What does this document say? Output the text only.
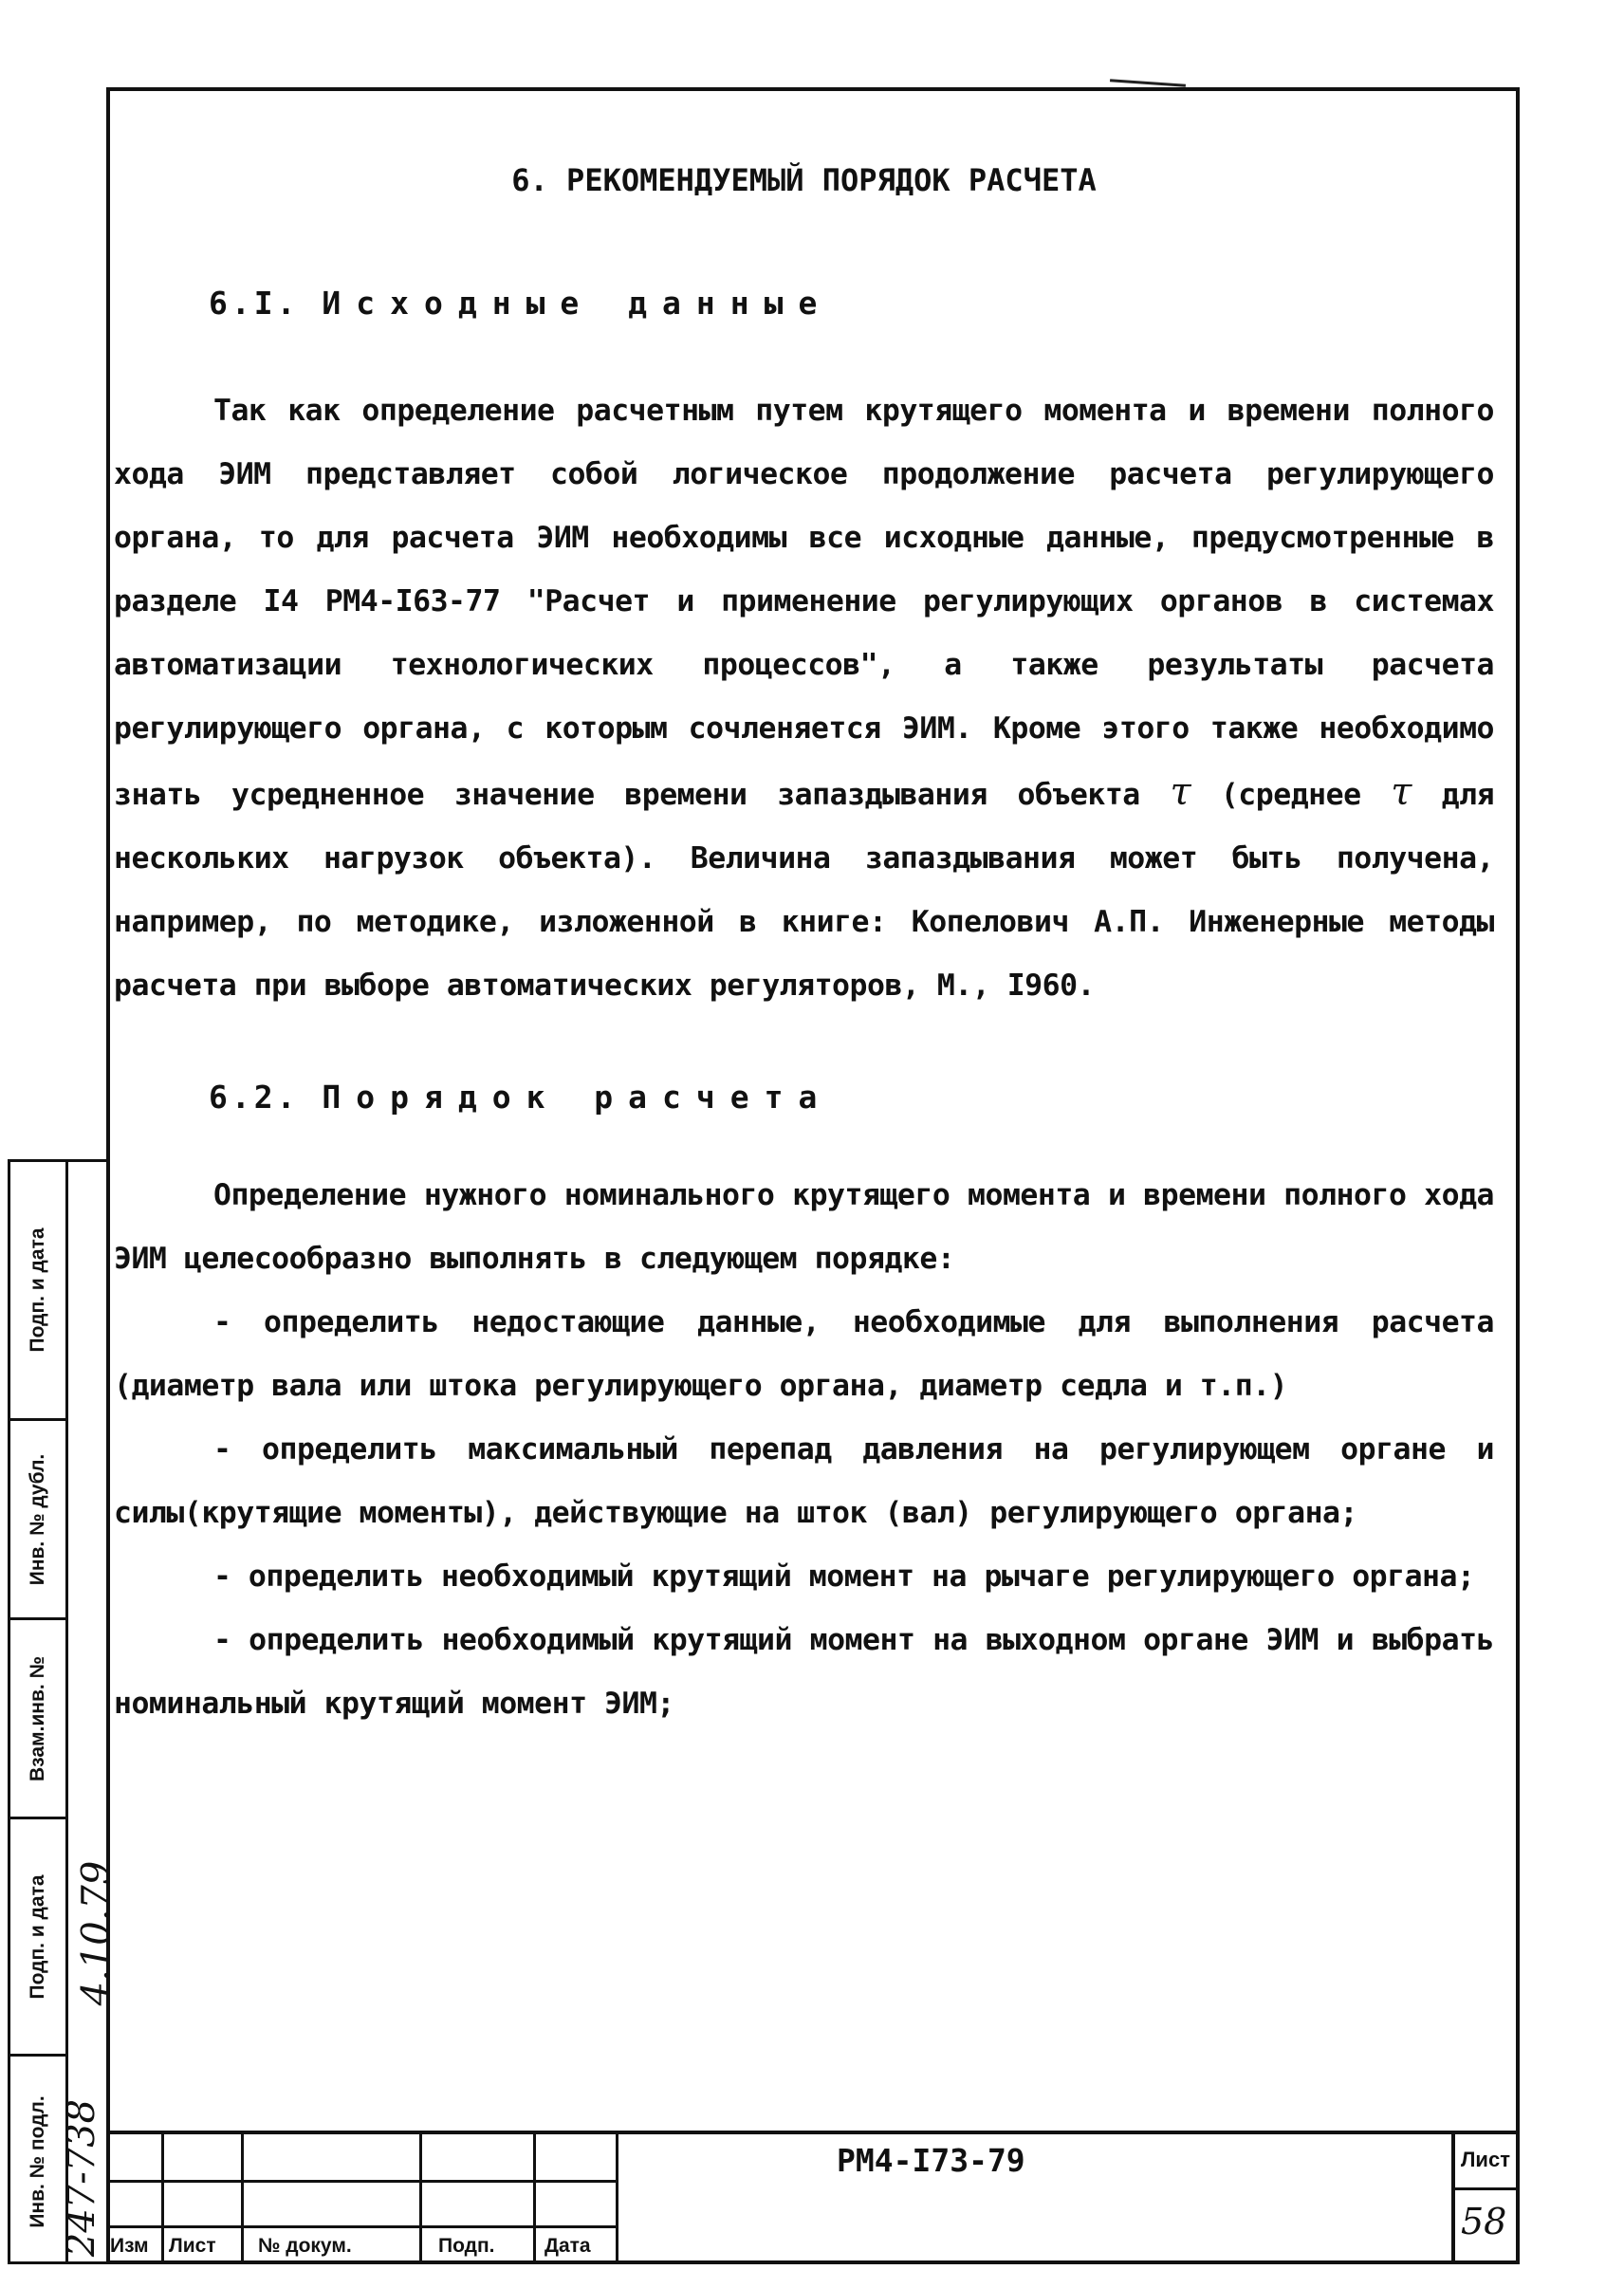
6. РЕКОМЕНДУЕМЫЙ ПОРЯДОК РАСЧЕТА
6.I. Исходные данные

Так как определение расчетным путем крутящего момента и времени полного хода ЭИМ представляет собой логическое продолжение расчета регулирующего органа, то для расчета ЭИМ необходимы все исходные данные, предусмотренные в разделе I4 РМ4-I63-77 "Расчет и применение регулирующих органов в системах автоматизации технологических процессов", а также результаты расчета регулирующего органа, с которым сочленяется ЭИМ. Кроме этого также необходимо знать усредненное значение времени запаздывания объекта τ (среднее τ для нескольких нагрузок объекта). Величина запаздывания может быть получена, например, по методике, изложенной в книге: Копелович А.П. Инженерные методы расчета при выборе автоматических регуляторов, М., I960.

6.2. Порядок расчета

Определение нужного номинального крутящего момента и времени полного хода ЭИМ целесообразно выполнять в следующем порядке:

- определить недостающие данные, необходимые для выполнения расчета (диаметр вала или штока регулирующего органа, диаметр седла и т.п.)

- определить максимальный перепад давления на регулирующем органе и силы(крутящие моменты), действующие на шток (вал) регулирующего органа;

- определить необходимый крутящий момент на рычаге регулирующего органа;

- определить необходимый крутящий момент на выходном органе ЭИМ и выбрать номинальный крутящий момент ЭИМ;

Подп. и дата
Инв. № дубл.
Взам.инв. №
Подп. и дата
Инв. № подл.
4.10.79
247-738 Изм Лист № докум.	Подп.	Дата
РМ4-I73-79	Лист
58
